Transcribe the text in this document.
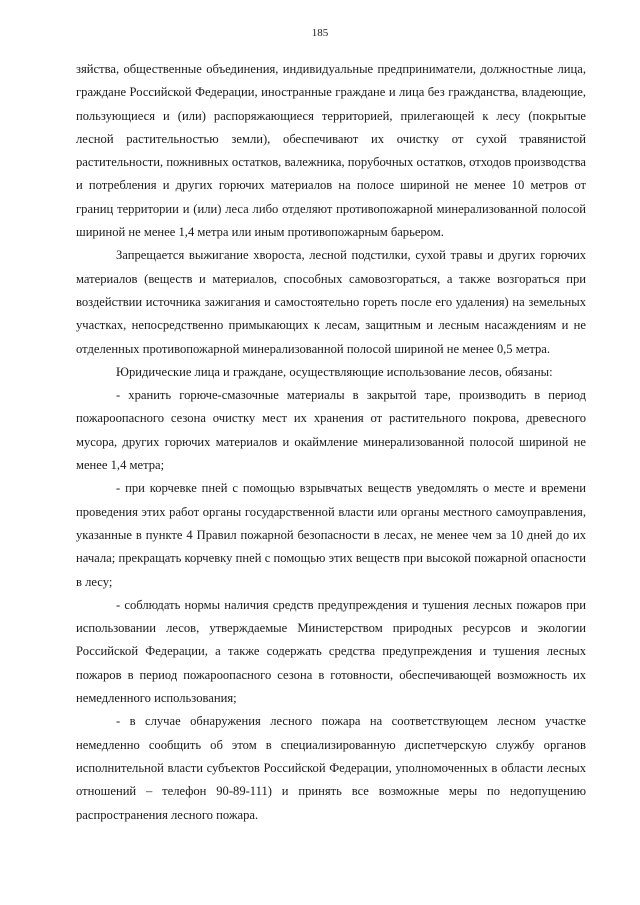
185

зяйства, общественные объединения, индивидуальные предприниматели, должностные лица, граждане Российской Федерации, иностранные граждане и лица без гражданства, владеющие, пользующиеся и (или) распоряжающиеся территорией, прилегающей к лесу (покрытые лесной растительностью земли), обеспечивают их очистку от сухой травянистой растительности, пожнивных остатков, валежника, порубочных остатков, отходов производства и потребления и других горючих материалов на полосе шириной не менее 10 метров от границ территории и (или) леса либо отделяют противопожарной минерализованной полосой шириной не менее 1,4 метра или иным противопожарным барьером.

Запрещается выжигание хвороста, лесной подстилки, сухой травы и других горючих материалов (веществ и материалов, способных самовозгораться, а также возгораться при воздействии источника зажигания и самостоятельно гореть после его удаления) на земельных участках, непосредственно примыкающих к лесам, защитным и лесным насаждениям и не отделенных противопожарной минерализованной полосой шириной не менее 0,5 метра.

Юридические лица и граждане, осуществляющие использование лесов, обязаны:

- хранить горюче-смазочные материалы в закрытой таре, производить в период пожароопасного сезона очистку мест их хранения от растительного покрова, древесного мусора, других горючих материалов и окаймление минерализованной полосой шириной не менее 1,4 метра;

- при корчевке пней с помощью взрывчатых веществ уведомлять о месте и времени проведения этих работ органы государственной власти или органы местного самоуправления, указанные в пункте 4 Правил пожарной безопасности в лесах, не менее чем за 10 дней до их начала; прекращать корчевку пней с помощью этих веществ при высокой пожарной опасности в лесу;

- соблюдать нормы наличия средств предупреждения и тушения лесных пожаров при использовании лесов, утверждаемые Министерством природных ресурсов и экологии Российской Федерации, а также содержать средства предупреждения и тушения лесных пожаров в период пожароопасного сезона в готовности, обеспечивающей возможность их немедленного использования;

- в случае обнаружения лесного пожара на соответствующем лесном участке немедленно сообщить об этом в специализированную диспетчерскую службу органов исполнительной власти субъектов Российской Федерации, уполномоченных в области лесных отношений – телефон 90-89-111) и принять все возможные меры по недопущению распространения лесного пожара.
